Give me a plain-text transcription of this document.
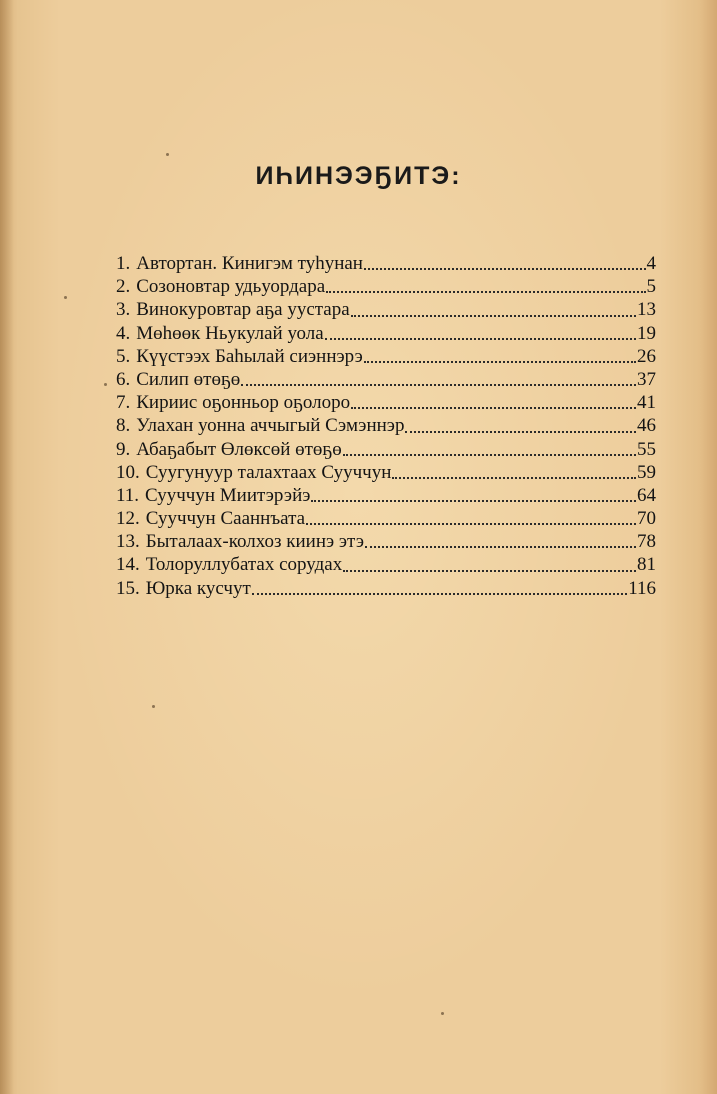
ИҺИНЭЭҔИТЭ:
1. Автортан. Кинигэм туһунан	4
2. Созоновтар удьуордара	5
3. Винокуровтар аҕа уустара	13
4. Мөһөөк Ньукулай уола	19
5. Күүстээх Баһылай сиэннэрэ	26
6. Силип өтөҕө	37
7. Кирииc оҕонньор оҕолоро	41
8. Улахан уонна аччыгый Сэмэннэр	46
9. Абаҕабыт Өлөксөй өтөҕө	55
10. Суугунуур талахтаах Сууччун	59
11. Сууччун Миитэрэйэ	64
12. Сууччун Сааннъата	70
13. Быталаах-колхоз киинэ этэ	78
14. Толоруллубатах сорудах	81
15. Юрка кусчут	116
